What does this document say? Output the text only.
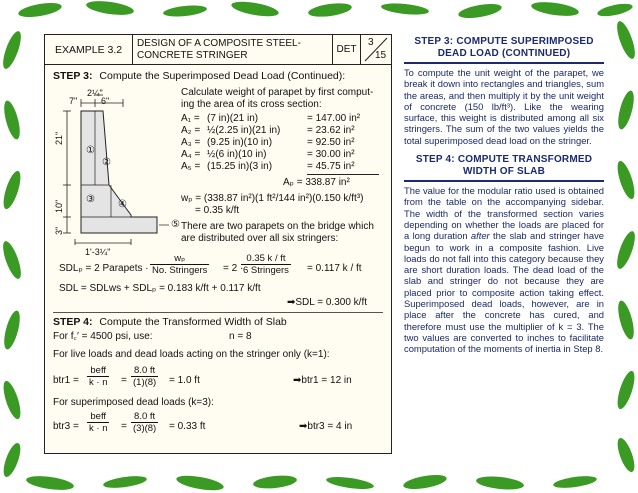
EXAMPLE 3.2
DESIGN OF A COMPOSITE STEEL-
CONCRETE STRINGER	DET
3
15
STEP 3: Compute the Superimposed Dead Load (Continued):
2¼"
7"	6"
21"
10"
3"
1'-3¼"
①
②
③ ④
⑤
Calculate weight of parapet by first comput-
ing the area of its cross section:
A₁ = (7 in)(21 in)	= 147.00 in²
A₂ = ½(2.25 in)(21 in)	= 23.62 in²
A₃ = (9.25 in)(10 in)	= 92.50 in²
A₄ = ½(6 in)(10 in)	= 30.00 in²
A₅ = (15.25 in)(3 in)	= 45.75 in²
Aₚ = 338.87 in²
wₚ = (338.87 in²)(1 ft²/144 in²)(0.150 k/ft³)
= 0.35 k/ft
There are two parapets on the bridge which
are distributed over all six stringers:
SDLₚ = 2 Parapets ·
wₚ
No. Stringers = 2 ·
0.35 k / ft
6 Stringers = 0.117 k / ft
SDL = SDLws + SDLₚ = 0.183 k/ft + 0.117 k/ft
➡SDL = 0.300 k/ft
STEP 4: Compute the Transformed Width of Slab
For f꜀′ = 4500 psi, use:	n = 8
For live loads and dead loads acting on the stringer only (k=1):
btr1 =
beff
$k \cdot n = \frac{8.0 ft}{(1)(8)} = 1.0$ ft	➡btr1 = 12 in
For superimposed dead loads (k=3):
btr3 =
beff
$k \cdot n = \frac{8.0 ft}{(3)(8)} = 0.33$ ft	➡btr3 = 4 in
STEP 3: COMPUTE SUPERIMPOSED
DEAD LOAD (CONTINUED)

To compute the unit weight of the parapet, we break it down into rectangles and triangles, sum the areas, and then multiply it by the unit weight of concrete (150 lb/ft³). Like the wearing surface, this weight is distributed among all six stringers. The sum of the two values yields the total superimposed dead load on the stringer.

STEP 4: COMPUTE TRANSFORMED
WIDTH OF SLAB

The value for the modular ratio used is obtained from the table on the accompanying sidebar. The width of the transformed section varies depending on whether the loads are placed for a long duration after the slab and stringer have begun to work in a composite fashion. Live loads do not fall into this category because they are short duration loads. The dead load of the slab and stringer do not because they are placed prior to composite action taking effect. Superimposed dead loads, however, are in place after the concrete has cured, and therefore must use the multiplier of k = 3. The two values are converted to inches to facilitate computation of the moments of inertia in Step 8.
